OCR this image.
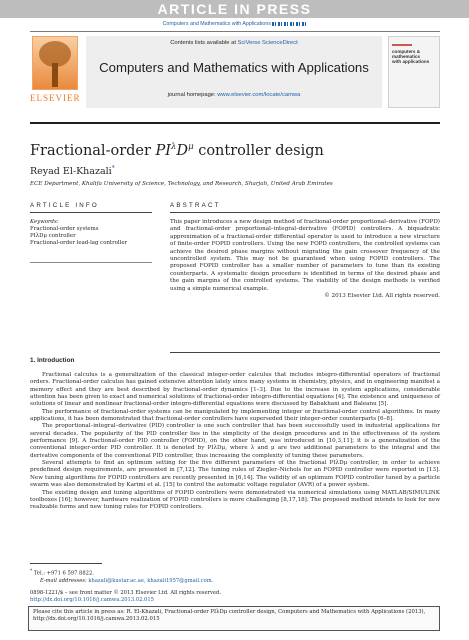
ARTICLE IN PRESS
Computers and Mathematics with Applications
ELSEVIER
Contents lists available at SciVerse ScienceDirect
Computers and Mathematics with Applications
journal homepage: www.elsevier.com/locate/camwa
computers &
mathematics
with applications
Fractional-order $PI^\lambda D^\mu$ controller design
Reyad El-Khazali*
ECE Department, Khalifa University of Science, Technology, and Research, Sharjah, United Arab Emirates
ARTICLE INFO
Keywords:
Fractional-order systems
PIλDμ controller
Fractional-order lead-lag controller
ABSTRACT

This paper introduces a new design method of fractional-order proportional–derivative (FOPD) and fractional-order proportional–integral–derivative (FOPID) controllers. A biquadratic approximation of a fractional-order differential operator is used to introduce a new structure of finite-order FOPID controllers. Using the new FOPD controllers, the controlled systems can achieve the desired phase margins without migrating the gain crossover frequency of the uncontrolled system. This may not be guaranteed when using FOPID controllers. The proposed FOPID controller has a smaller number of parameters to tune than its existing counterparts. A systematic design procedure is identified in terms of the desired phase and the gain margins of the controlled systems. The viability of the design methods is verified using a simple numerical example.

© 2013 Elsevier Ltd. All rights reserved.

1. Introduction

Fractional calculus is a generalization of the classical integer-order calculus that includes integro-differential operators of fractional orders. Fractional-order calculus has gained extensive attention lately since many systems in chemistry, physics, and in engineering manifest a memory effect and they are best described by fractional-order dynamics [1–3]. Due to the increase in system applications, considerable attention has been given to exact and numerical solutions of fractional-order integro-differential equations [4]. The existence and uniqueness of solutions of linear and nonlinear fractional-order integro-differential equations were discussed by Babakhani and Baleanu [5].

The performance of fractional-order systems can be manipulated by implementing integer or fractional-order control algorithms. In many applications, it has been demonstrated that fractional-order controllers have superseded their integer-order counterparts [6–8].

The proportional–integral–derivative (PID) controller is one such controller that has been successfully used in industrial applications for several decades. The popularity of the PID controller lies in the simplicity of the design procedures and in the effectiveness of its system performance [9]. A fractional-order PID controller (FOPID), on the other hand, was introduced in [10,3,11]; it is a generalization of the conventional integer-order PID controller. It is denoted by PIλDμ, where λ and μ are two additional parameters to the integral and the derivative components of the conventional PID controller, thus increasing the complexity of tuning these parameters.

Several attempts to find an optimum setting for the five different parameters of the fractional PIλDμ controller, in order to achieve predefined design requirements, are presented in [7,12]. The tuning rules of Ziegler–Nichols for an FOPID controller were reported in [13]. New tuning algorithms for FOPID controllers are recently presented in [6,14]. The validity of an optimum FOPID controller tuned by a particle swarm was also demonstrated by Karimi et al. [15] to control the automatic voltage regulator (AVR) of a power system.

The existing design and tuning algorithms of FOPID controllers were demonstrated via numerical simulations using MATLAB/SIMULINK toolboxes [16]; however, hardware realization of FOPID controllers is more challenging [8,17,18]. The proposed method intends to look for new realizable forms and new tuning rules for FOPID controllers.

* Tel.: +971 6 597 8822.
E-mail addresses: khazali@kustar.ac.ae, khazali1957@gmail.com.
0898-1221/$ – see front matter © 2013 Elsevier Ltd. All rights reserved.
http://dx.doi.org/10.1016/j.camwa.2013.02.015
Please cite this article in press as: R. El-Khazali, Fractional-order PIλDμ controller design, Computers and Mathematics with Applications (2013), http://dx.doi.org/10.1016/j.camwa.2013.02.015
